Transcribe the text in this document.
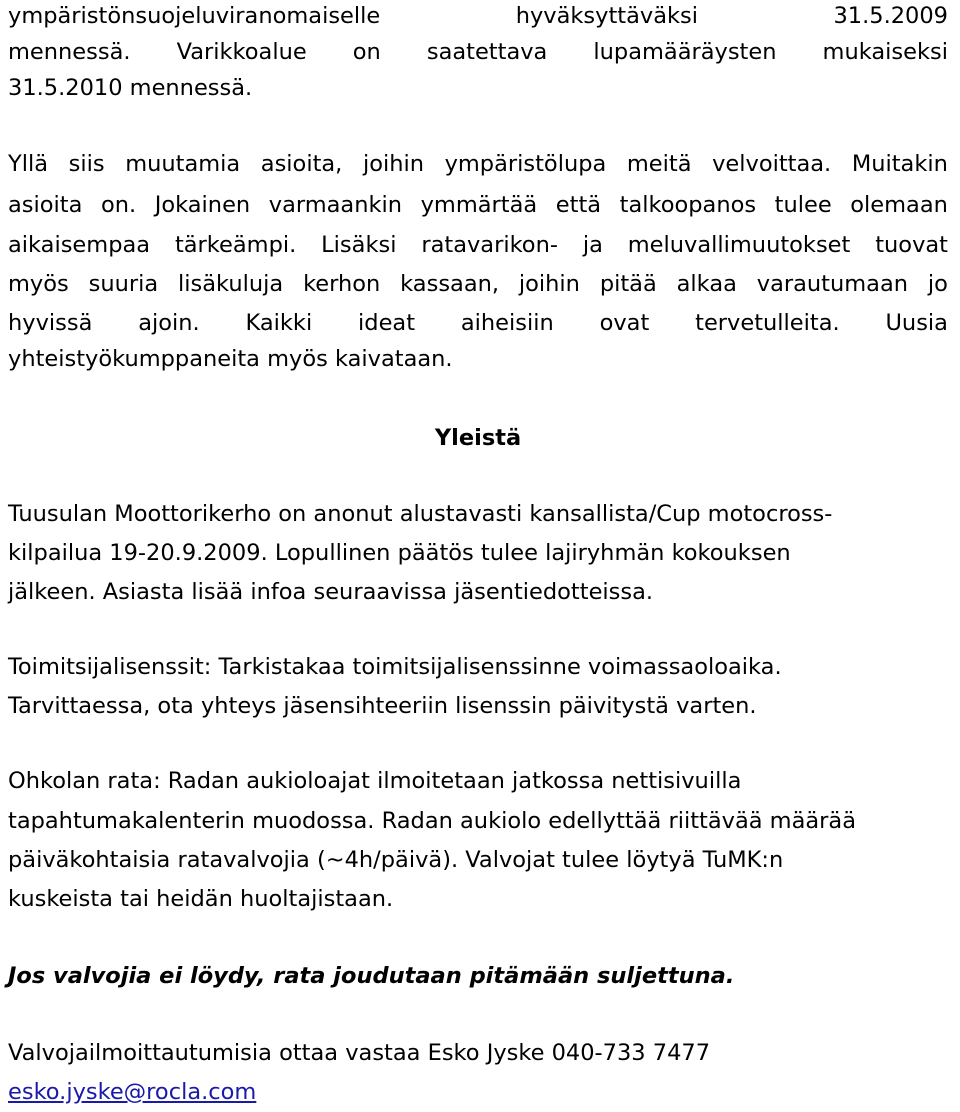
ympäristönsuojeluviranomaiselle	hyväksyttäväksi	31.5.2009
mennessä. Varikkoalue on saatettava lupamääräysten mukaiseksi
31.5.2010 mennessä.
Yllä siis muutamia asioita, joihin ympäristölupa meitä velvoittaa. Muitakin
asioita on. Jokainen varmaankin ymmärtää että talkoopanos tulee olemaan
aikaisempaa tärkeämpi. Lisäksi ratavarikon- ja meluvallimuutokset tuovat
myös suuria lisäkuluja kerhon kassaan, joihin pitää alkaa varautumaan jo
hyvissä ajoin. Kaikki ideat aiheisiin ovat tervetulleita. Uusia
yhteistyökumppaneita myös kaivataan.
Yleistä
Tuusulan Moottorikerho on anonut alustavasti kansallista/Cup motocross-
kilpailua 19-20.9.2009. Lopullinen päätös tulee lajiryhmän kokouksen
jälkeen. Asiasta lisää infoa seuraavissa jäsentiedotteissa.
Toimitsijalisenssit: Tarkistakaa toimitsijalisenssinne voimassaoloaika.
Tarvittaessa, ota yhteys jäsensihteeriin lisenssin päivitystä varten.
Ohkolan rata: Radan aukioloajat ilmoitetaan jatkossa nettisivuilla
tapahtumakalenterin muodossa. Radan aukiolo edellyttää riittävää määrää
päiväkohtaisia ratavalvojia (~4h/päivä). Valvojat tulee löytyä TuMK:n
kuskeista tai heidän huoltajistaan.
Jos valvojia ei löydy, rata joudutaan pitämään suljettuna.
Valvojailmoittautumisia ottaa vastaa Esko Jyske 040-733 7477
esko.jyske@rocla.com
